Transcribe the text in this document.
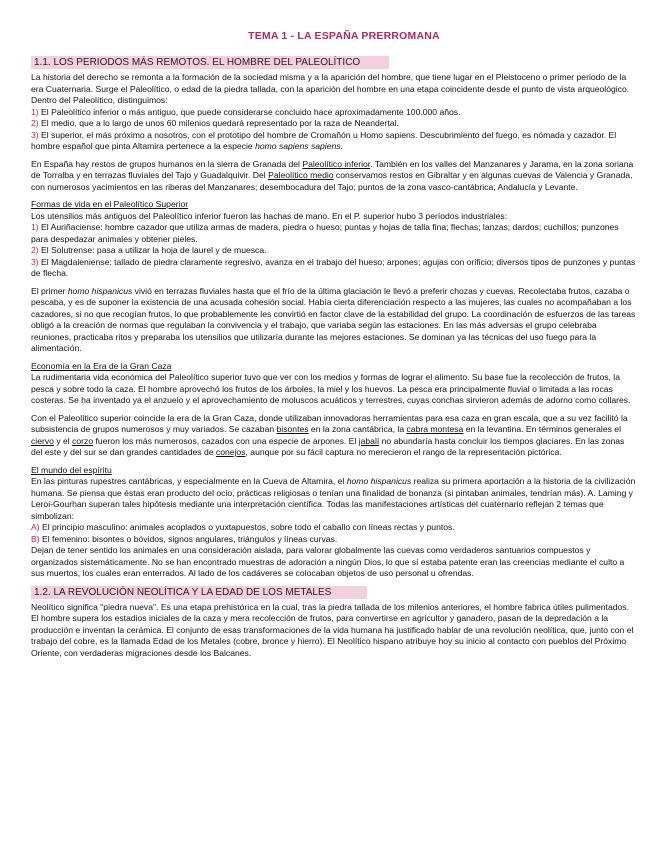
TEMA 1 - LA ESPAÑA PRERROMANA
1.1. LOS PERIODOS MÁS REMOTOS. EL HOMBRE DEL PALEOLÍTICO

La historia del derecho se remonta a la formación de la sociedad misma y a la aparición del hombre, que tiene lugar en el Pleistoceno o primer periodo de la era Cuaternaria. Surge el Paleolítico, o edad de la piedra tallada, con la aparición del hombre en una etapa coincidente desde el punto de vista arqueológico. Dentro del Paleolítico, distinguimos:

1) El Paleolítico inferior o más antiguo, que puede considerarse concluido hace aproximadamente 100.000 años.
2) El medio, que a lo largo de unos 60 milenios quedará representado por la raza de Neandertal.
3) El superior, el más próximo a nosotros, con el prototipo del hombre de Cromañón u Homo sapiens. Descubrimiento del fuego, es nómada y cazador. El hombre español que pinta Altamira pertenece a la especie homo sapiens sapiens.

En España hay restos de grupos humanos en la sierra de Granada del Paleolítico inferior. También en los valles del Manzanares y Jarama, en la zona soriana de Torralba y en terrazas fluviales del Tajo y Guadalquivir. Del Paleolítico medio conservamos restos en Gibraltar y en algunas cuevas de Valencia y Granada, con numerosos yacimientos en las riberas del Manzanares; desembocadura del Tajo; puntos de la zona vasco-cantábrica; Andalucía y Levante.

Formas de vida en el Paleolítico Superior
Los utensilios más antiguos del Paleolítico inferior fueron las hachas de mano. En el P. superior hubo 3 períodos industriales:
1) El Auriñaciense: hombre cazador que utiliza armas de madera, piedra o hueso; puntas y hojas de talla fina; flechas; lanzas; dardos; cuchillos; punzones para despedazar animales y obtener pieles.
2) El Solutrense: pasa a utilizar la hoja de laurel y de muesca.
3) El Magdaleniense: tallado de piedra claramente regresivo, avanza en el trabajo del hueso; arpones; agujas con orificio; diversos tipos de punzones y puntas de flecha.

El primer homo hispanicus vivió en terrazas fluviales hasta que el frío de la última glaciación le llevó a preferir chozas y cuevas. Recolectaba frutos, cazaba o pescaba, y es de suponer la existencia de una acusada cohesión social. Había cierta diferenciación respecto a las mujeres, las cuales no acompañaban a los cazadores, si no que recogían frutos, lo que probablemente les convirtió en factor clave de la estabilidad del grupo. La coordinación de esfuerzos de las tareas obligó a la creación de normas que regulaban la convivencia y el trabajo, que variaba según las estaciones. En las más adversas el grupo celebraba reuniones, practicaba ritos y preparaba los utensilios que utilizaría durante las mejores estaciones. Se dominan ya las técnicas del uso fuego para la alimentación.

Economía en la Era de la Gran Caza

La rudimentaria vida económica del Paleolítico superior tuvo que ver con los medios y formas de lograr el alimento. Su base fue la recolección de frutos, la pesca y sobre todo la caza. El hombre aprovechó los frutos de los árboles, la miel y los huevos. La pesca era principalmente fluvial o limitada a las rocas costeras. Se ha inventado ya el anzuelo y el aprovechamiento de moluscos acuáticos y terrestres, cuyas conchas sirvieron además de adorno como collares.

Con el Paleolítico superior coincide la era de la Gran Caza, donde utilizaban innovadoras herramientas para esa caza en gran escala, que a su vez facilitó la subsistencia de grupos numerosos y muy variados. Se cazaban bisontes en la zona cantábrica, la cabra montesa en la levantina. En términos generales el ciervo y el corzo fueron los más numerosos, cazados con una especie de arpones. El jabalí no abundaría hasta concluir los tiempos glaciares. En las zonas del este y del sur se dan grandes cantidades de conejos, aunque por su fácil captura no merecieron el rango de la representación pictórica.

El mundo del espíritu
En las pinturas rupestres cantábricas, y especialmente en la Cueva de Altamira, el homo hispanicus realiza su primera aportación a la historia de la civilización humana. Se piensa que éstas eran producto del ocio, prácticas religiosas o tenían una finalidad de bonanza (si pintaban animales, tendrían más). A. Laming y Leroi-Gourhan superan tales hipótesis mediante una interpretación científica. Todas las manifestaciones artísticas del cuaternario reflejan 2 temas que simbolizan:
A) El principio masculino: animales acoplados o yuxtapuestos, sobre todo el caballo con líneas rectas y puntos.
B) El femenino: bisontes o bóvidos, signos angulares, triángulos y líneas curvas.
Dejan de tener sentido los animales en una consideración aislada, para valorar globalmente las cuevas como verdaderos santuarios compuestos y organizados sistemáticamente. No se han encontrado muestras de adoración a ningún Dios, lo que sí estaba patente eran las creencias mediante el culto a sus muertos, los cuales eran enterrados. Al lado de los cadáveres se colocaban objetos de uso personal u ofrendas.
1.2. LA REVOLUCIÓN NEOLÍTICA Y LA EDAD DE LOS METALES

Neolítico significa "piedra nueva". Es una etapa prehistórica en la cual, tras la piedra tallada de los milenios anteriores, el hombre fabrica útiles pulimentados. El hombre supera los estadios iniciales de la caza y mera recolección de frutos, para convertirse en agricultor y ganadero, pasan de la depredación a la producción e inventan la cerámica. El conjunto de esas transformaciones de la vida humana ha justificado hablar de una revolución neolítica, que, junto con el trabajo del cobre, es la llamada Edad de los Metales (cobre, bronce y hierro). El Neolítico hispano atribuye hoy su inicio al contacto con pueblos del Próximo Oriente, con verdaderas migraciones desde los Balcanes.
